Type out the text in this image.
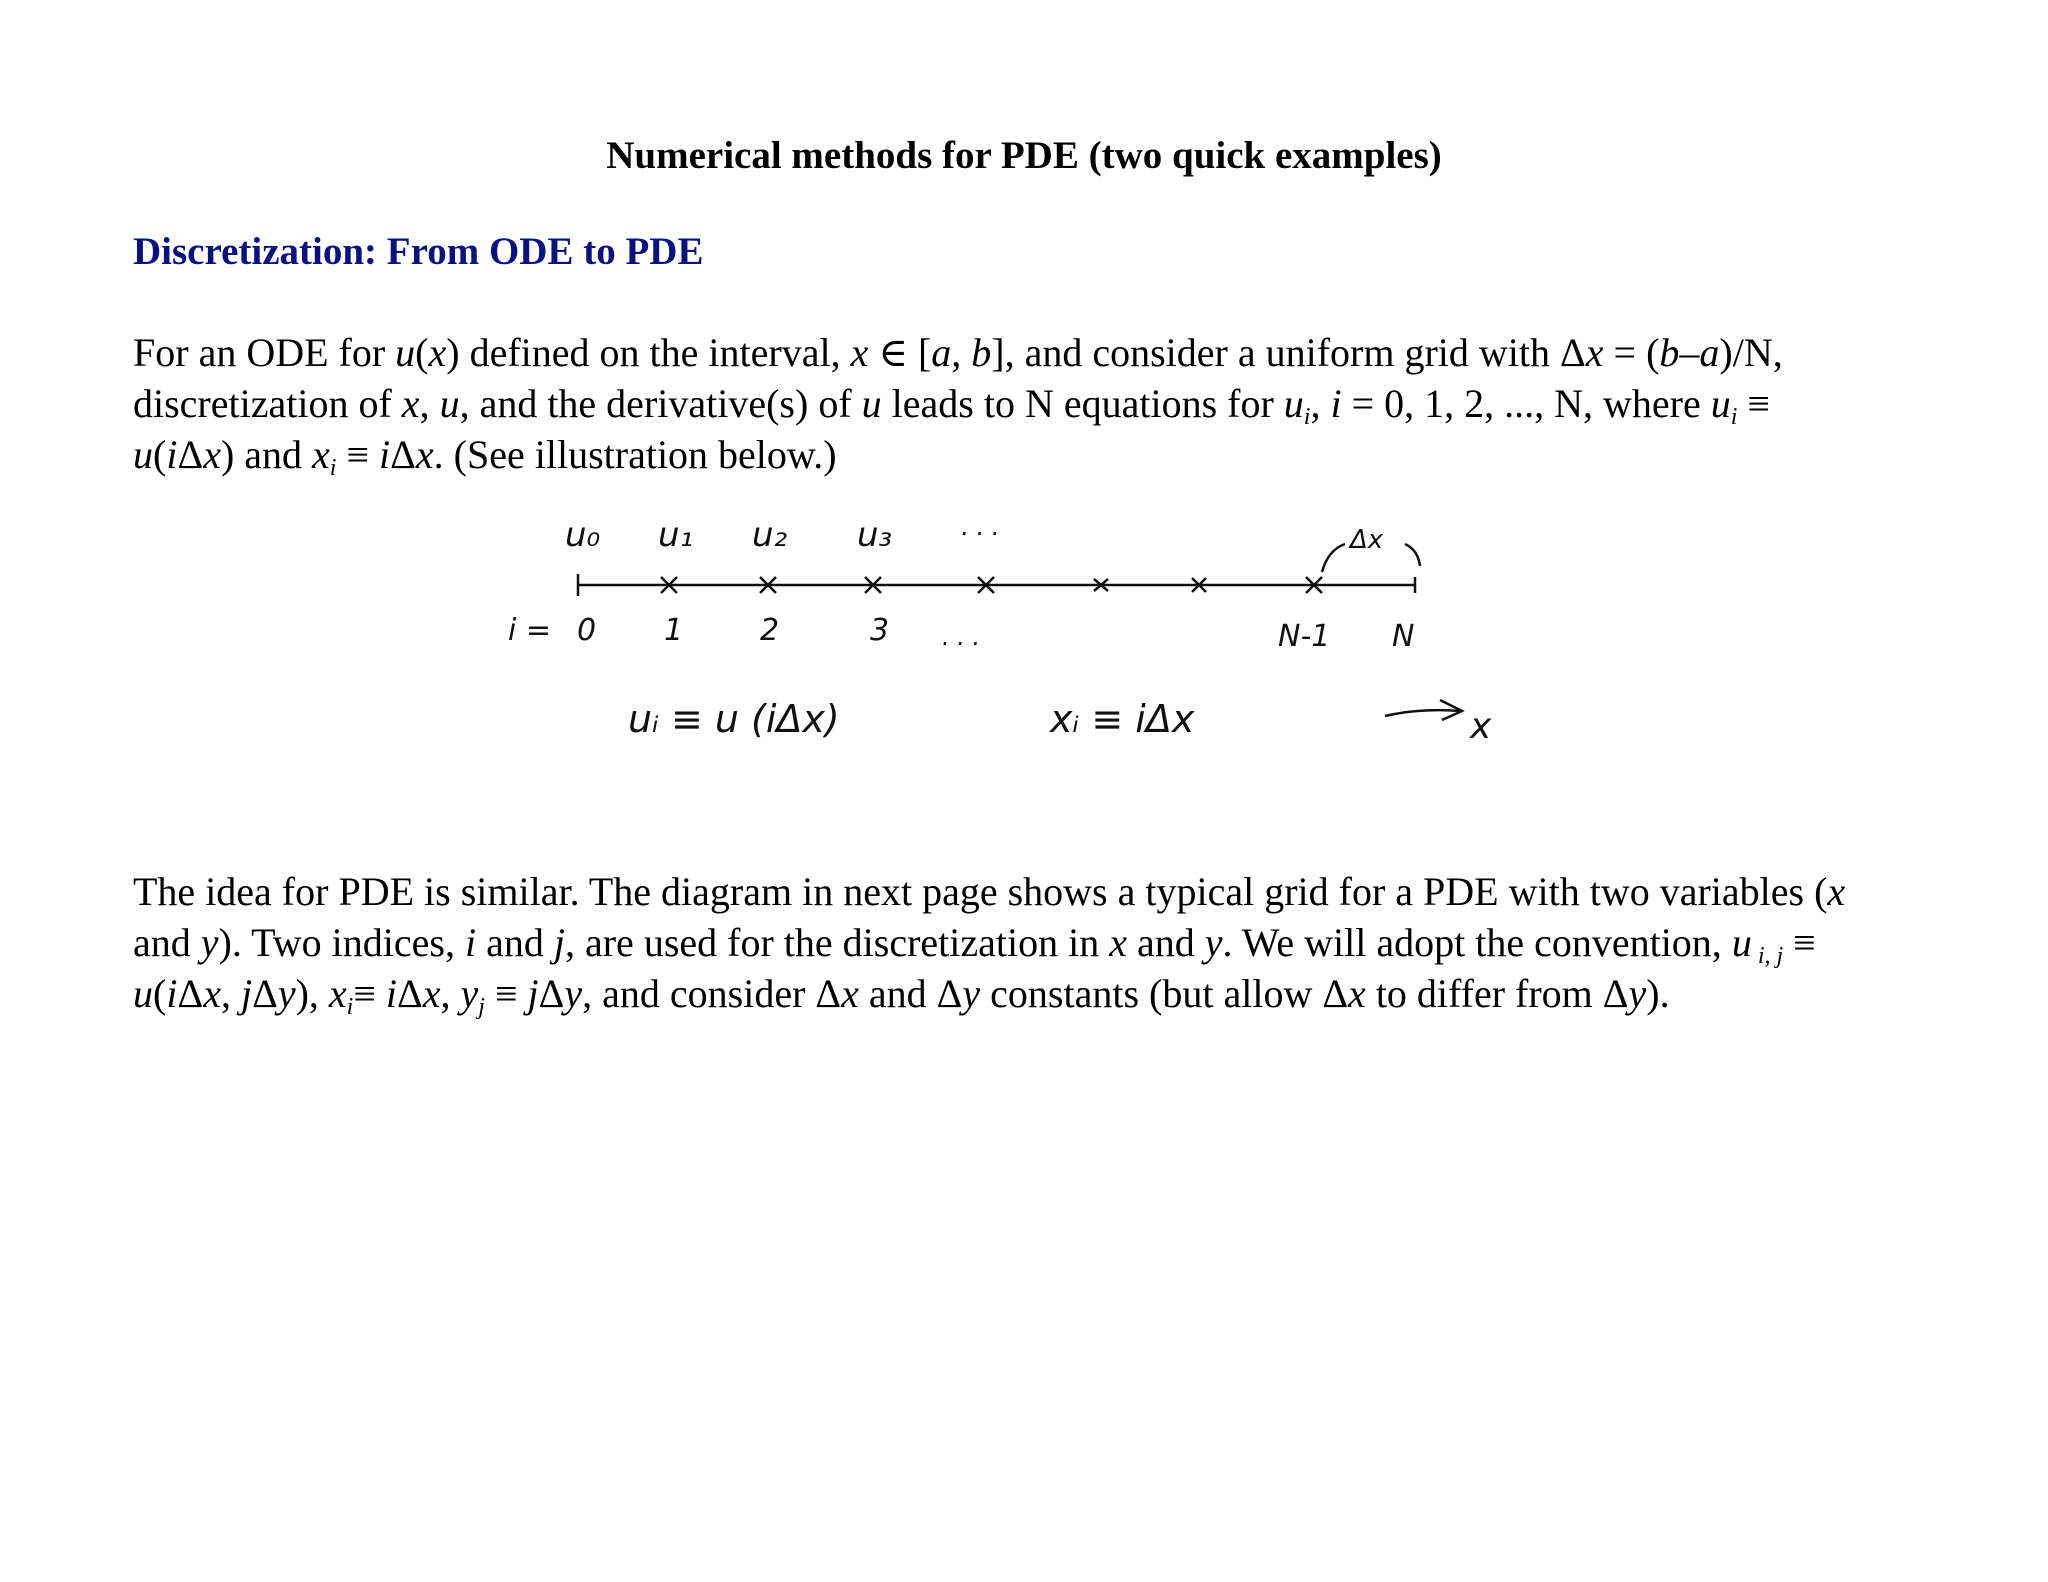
Numerical methods for PDE (two quick examples)
Discretization: From ODE to PDE

For an ODE for u(x) defined on the interval, x ∈ [a, b], and consider a uniform grid with Δx = (b–a)/N,

discretization of x, u, and the derivative(s) of u leads to N equations for $u_i$, i = 0, 1, 2, ..., N, where $u_i$ ≡

u(iΔx) and $x_i \equiv i\Delta x$. (See illustration below.)

u₀ u₁ u₂ u₃	· · ·	Δx
i = 0 1	2	3 . . .	N-1 N
uᵢ ≡ u (iΔx)	xᵢ ≡ iΔx	x

The idea for PDE is similar. The diagram in next page shows a typical grid for a PDE with two variables (x

and y). Two indices, i and j, are used for the discretization in x and y. We will adopt the convention, u $_{i, j}$ ≡

u(iΔx, jΔy), $x_i\equiv i\Delta x$, $y_j \equiv j\Delta y$, and consider Δx and Δy constants (but allow Δx to differ from Δy).
